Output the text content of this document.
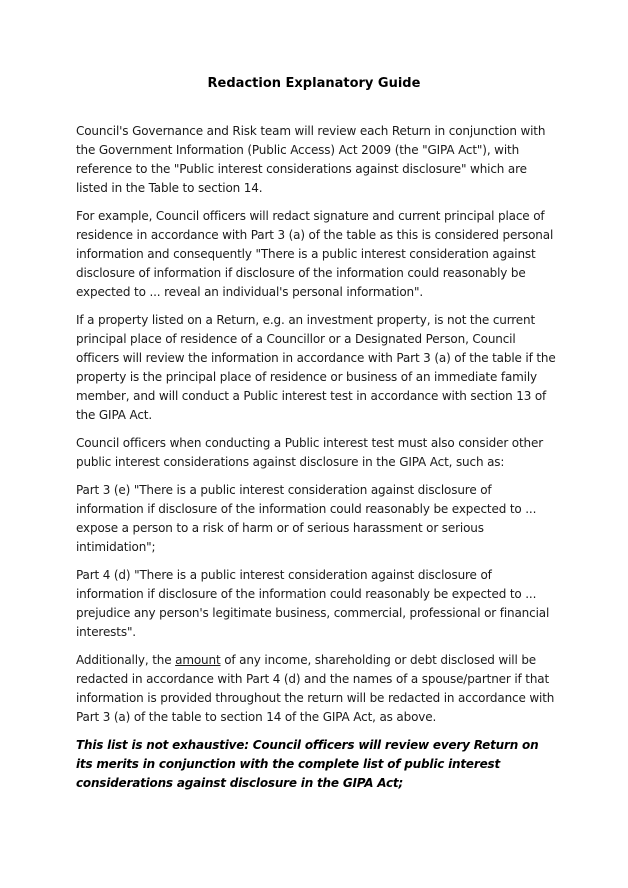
Redaction Explanatory Guide

Council's Governance and Risk team will review each Return in conjunction with the Government Information (Public Access) Act 2009 (the "GIPA Act"), with reference to the "Public interest considerations against disclosure" which are listed in the Table to section 14.

For example, Council officers will redact signature and current principal place of residence in accordance with Part 3 (a) of the table as this is considered personal information and consequently "There is a public interest consideration against disclosure of information if disclosure of the information could reasonably be expected to ... reveal an individual's personal information".

If a property listed on a Return, e.g. an investment property, is not the current principal place of residence of a Councillor or a Designated Person, Council officers will review the information in accordance with Part 3 (a) of the table if the property is the principal place of residence or business of an immediate family member, and will conduct a Public interest test in accordance with section 13 of the GIPA Act.

Council officers when conducting a Public interest test must also consider other public interest considerations against disclosure in the GIPA Act, such as:

Part 3 (e) "There is a public interest consideration against disclosure of information if disclosure of the information could reasonably be expected to ... expose a person to a risk of harm or of serious harassment or serious intimidation";

Part 4 (d) "There is a public interest consideration against disclosure of information if disclosure of the information could reasonably be expected to ... prejudice any person's legitimate business, commercial, professional or financial interests".

Additionally, the amount of any income, shareholding or debt disclosed will be redacted in accordance with Part 4 (d) and the names of a spouse/partner if that information is provided throughout the return will be redacted in accordance with Part 3 (a) of the table to section 14 of the GIPA Act, as above.

This list is not exhaustive: Council officers will review every Return on its merits in conjunction with the complete list of public interest considerations against disclosure in the GIPA Act;
